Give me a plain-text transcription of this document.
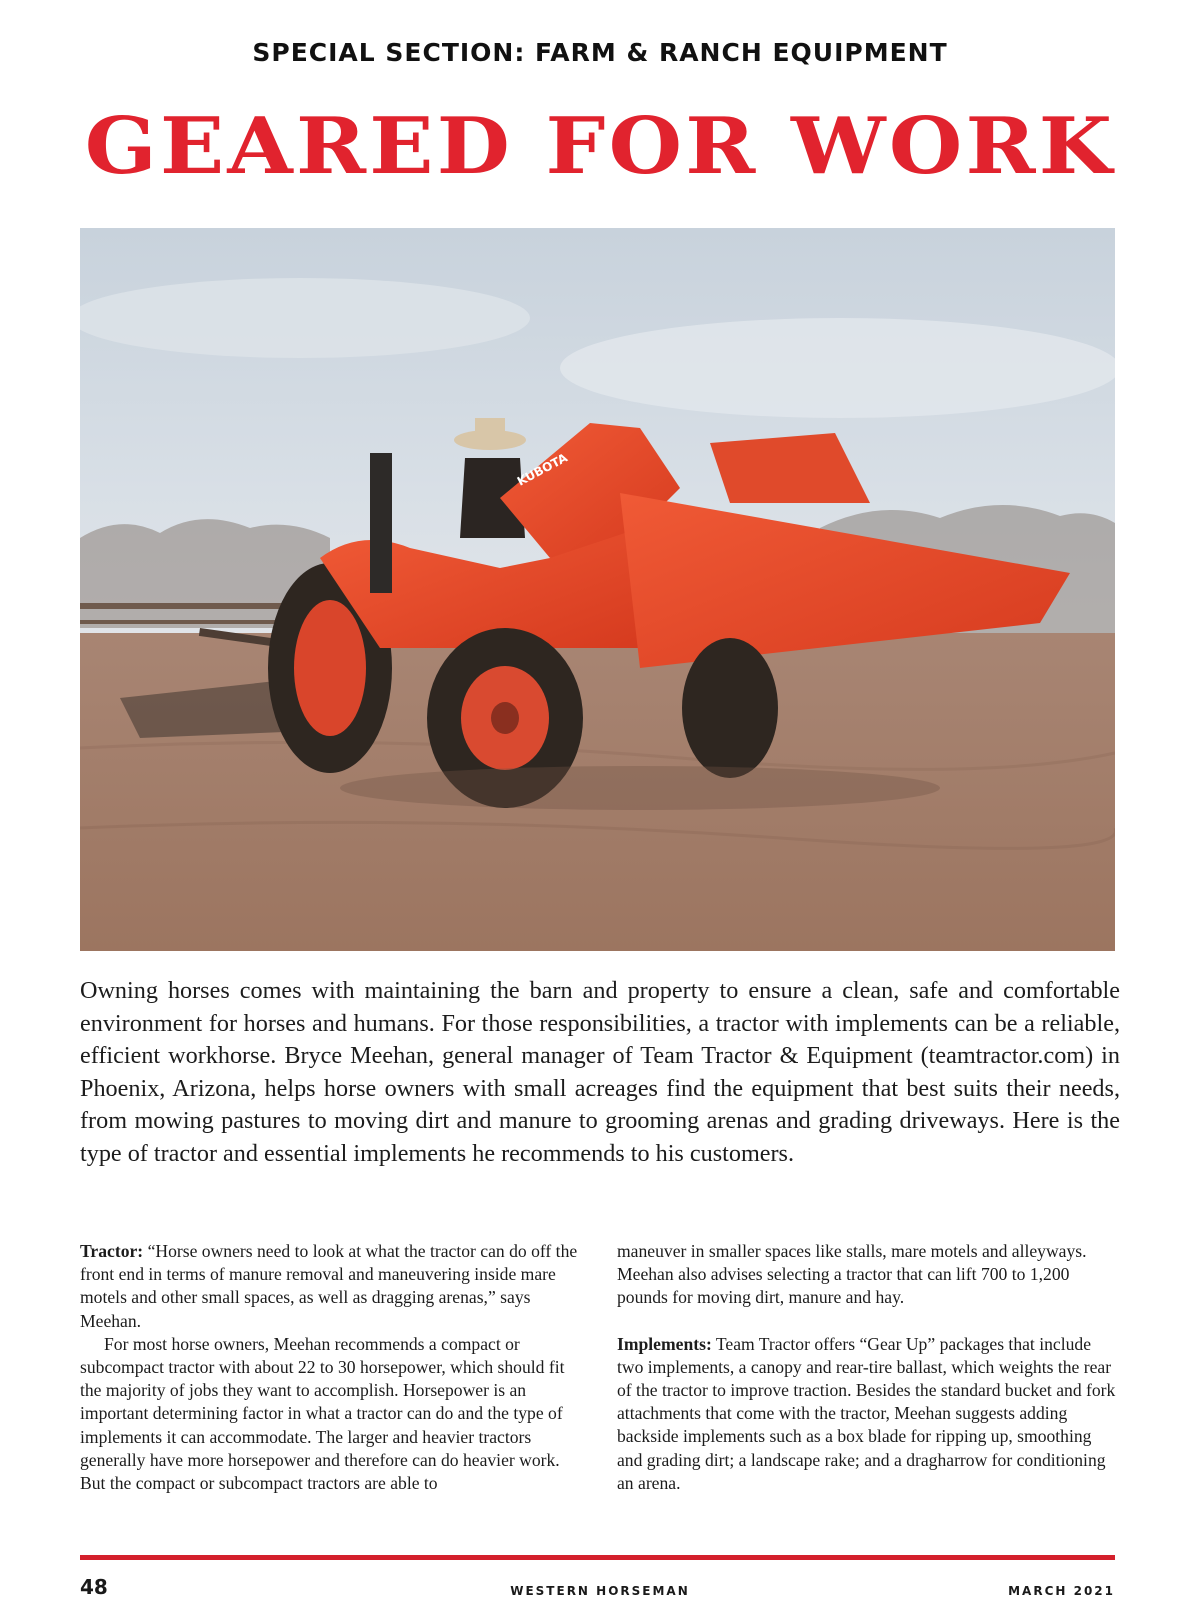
SPECIAL SECTION: FARM & RANCH EQUIPMENT
GEARED FOR WORK
KUBOTA

Owning horses comes with maintaining the barn and property to ensure a clean, safe and comfortable environment for horses and humans. For those responsibilities, a tractor with implements can be a reliable, efficient workhorse. Bryce Meehan, general manager of Team Tractor & Equipment (teamtractor.com) in Phoenix, Arizona, helps horse owners with small acreages find the equipment that best suits their needs, from mowing pastures to moving dirt and manure to grooming arenas and grading driveways. Here is the type of tractor and essential implements he recommends to his customers.

Tractor: “Horse owners need to look at what the tractor can do off the front end in terms of manure removal and maneuvering inside mare motels and other small spaces, as well as dragging arenas,” says Meehan.

For most horse owners, Meehan recommends a compact or subcompact tractor with about 22 to 30 horsepower, which should fit the majority of jobs they want to accomplish. Horsepower is an important determining factor in what a tractor can do and the type of implements it can accommodate. The larger and heavier tractors generally have more horsepower and therefore can do heavier work. But the compact or subcompact tractors are able to

maneuver in smaller spaces like stalls, mare motels and alleyways. Meehan also advises selecting a tractor that can lift 700 to 1,200 pounds for moving dirt, manure and hay.

Implements: Team Tractor offers “Gear Up” packages that include two implements, a canopy and rear-tire ballast, which weights the rear of the tractor to improve traction. Besides the standard bucket and fork attachments that come with the tractor, Meehan suggests adding backside implements such as a box blade for ripping up, smoothing and grading dirt; a landscape rake; and a dragharrow for conditioning an arena.

48	WESTERN HORSEMAN	MARCH 2021
